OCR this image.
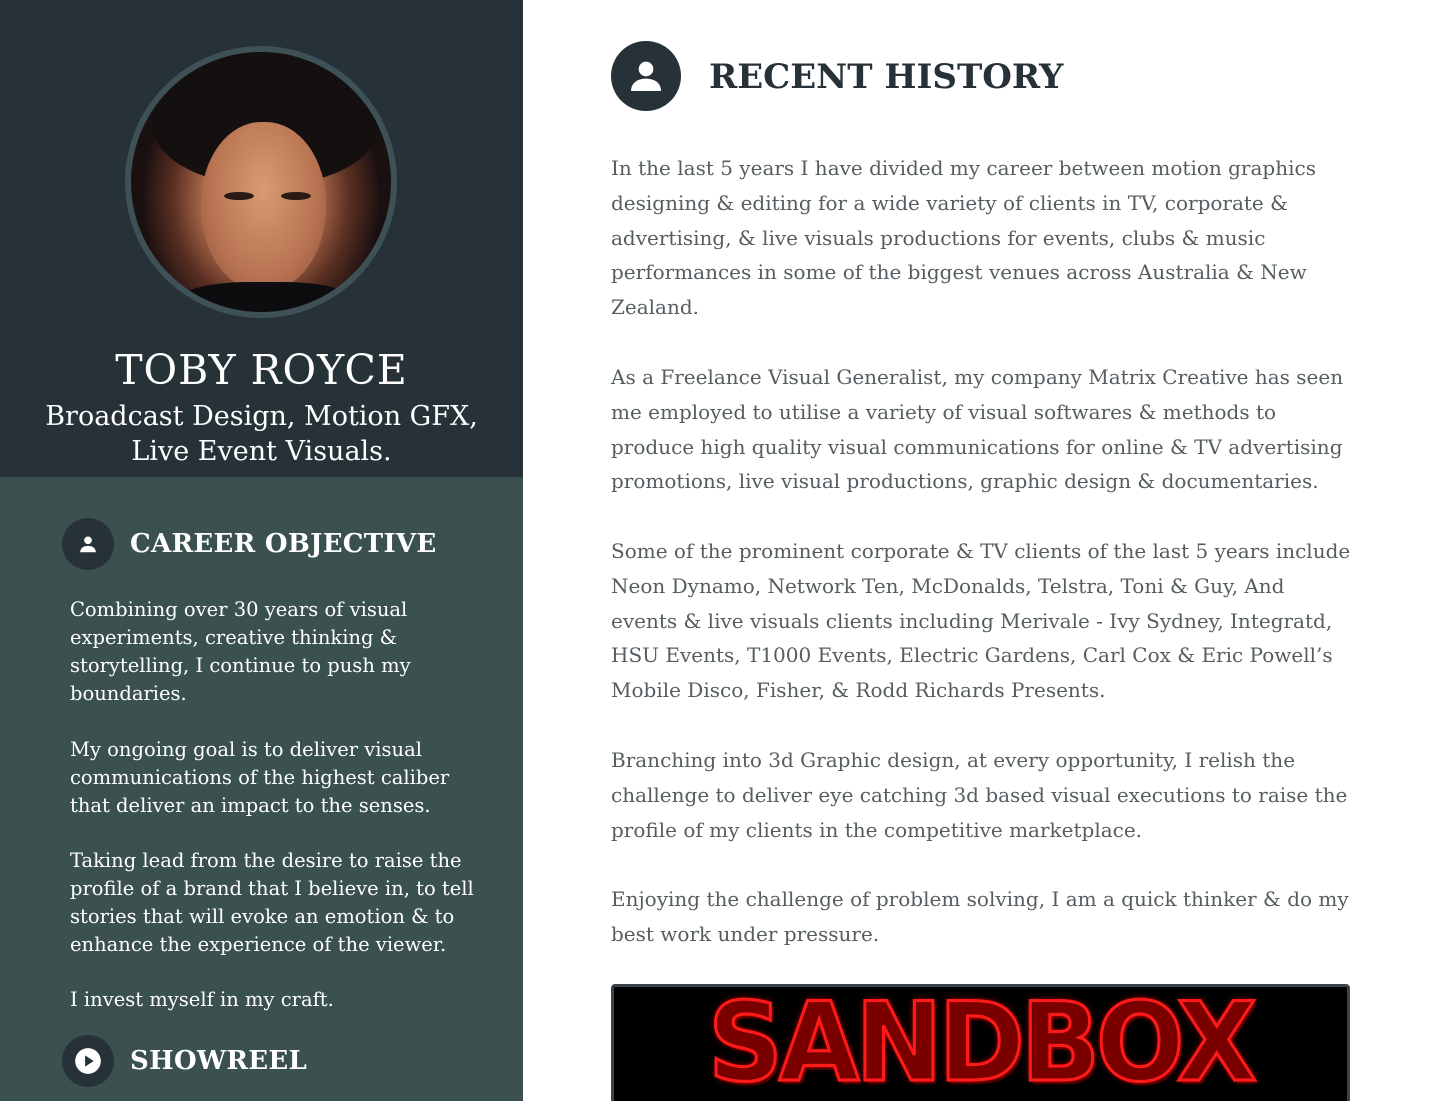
TOBY ROYCE
Broadcast Design, Motion GFX,
Live Event Visuals.
CAREER OBJECTIVE
Combining over 30 years of visual experiments, creative thinking & storytelling, I continue to push my boundaries.
My ongoing goal is to deliver visual communications of the highest caliber that deliver an impact to the senses.
Taking lead from the desire to raise the profile of a brand that I believe in, to tell stories that will evoke an emotion & to enhance the experience of the viewer.
I invest myself in my craft.
SHOWREEL
RECENT HISTORY

In the last 5 years I have divided my career between motion graphics designing & editing for a wide variety of clients in TV, corporate & advertising, & live visuals productions for events, clubs & music performances in some of the biggest venues across Australia & New Zealand.

As a Freelance Visual Generalist, my company Matrix Creative has seen me employed to utilise a variety of visual softwares & methods to produce high quality visual communications for online & TV advertising promotions, live visual productions, graphic design & documentaries.

Some of the prominent corporate & TV clients of the last 5 years include Neon Dynamo, Network Ten, McDonalds, Telstra, Toni & Guy, And events & live visuals clients including Merivale - Ivy Sydney, Integratd, HSU Events, T1000 Events, Electric Gardens, Carl Cox & Eric Powell’s Mobile Disco, Fisher, & Rodd Richards Presents.

Branching into 3d Graphic design, at every opportunity, I relish the challenge to deliver eye catching 3d based visual executions to raise the profile of my clients in the competitive marketplace.

Enjoying the challenge of problem solving, I am a quick thinker & do my best work under pressure.

SANDBOX
